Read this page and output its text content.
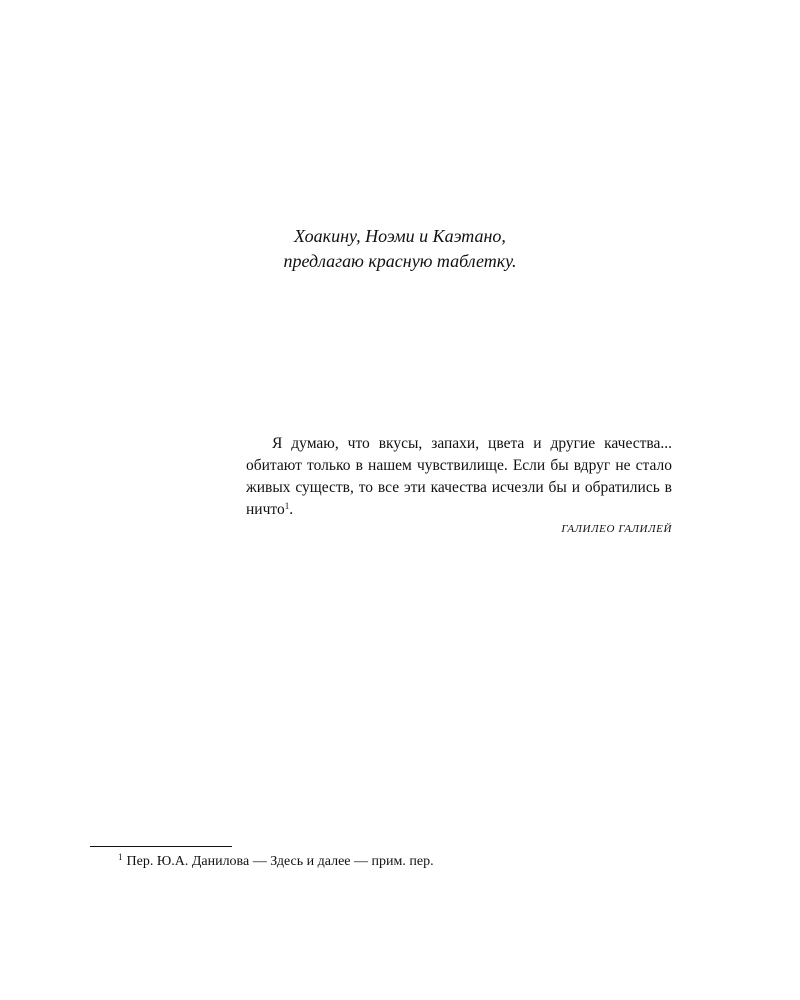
Хоакину, Ноэми и Каэтано,
предлагаю красную таблетку.

Я думаю, что вкусы, запахи, цвета и другие качества... обитают только в нашем чувствилище. Если бы вдруг не стало живых существ, то все эти качества исчезли бы и обратились в ничто$^1$.

ГАЛИЛЕО ГАЛИЛЕЙ
$^1$ Пер. Ю.А. Данилова — Здесь и далее — прим. пер.
